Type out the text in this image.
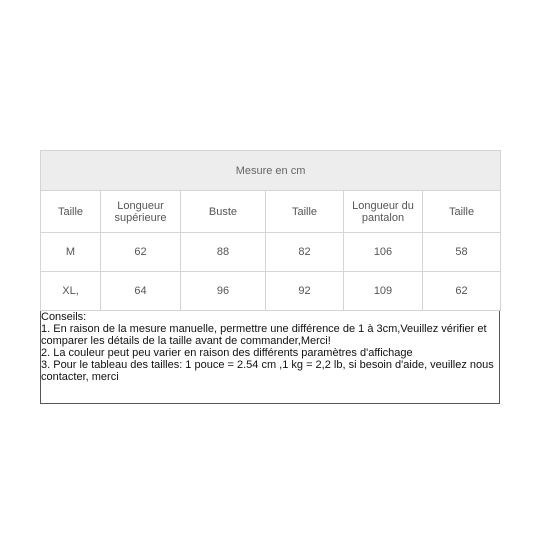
Mesure en cm					
Taille	Longueur supérieure	Buste	Taille	Longueur du pantalon	Taille
M	62	88	82	106	58
XL,	64	96	92	109	62
Conseils:
1. En raison de la mesure manuelle, permettre une différence de 1 à 3cm,Veuillez vérifier et comparer les détails de la taille avant de commander,Merci!
2. La couleur peut peu varier en raison des différents paramètres d'affichage
3. Pour le tableau des tailles: 1 pouce = 2.54 cm ,1 kg = 2,2 lb, si besoin d'aide, veuillez nous contacter, merci
